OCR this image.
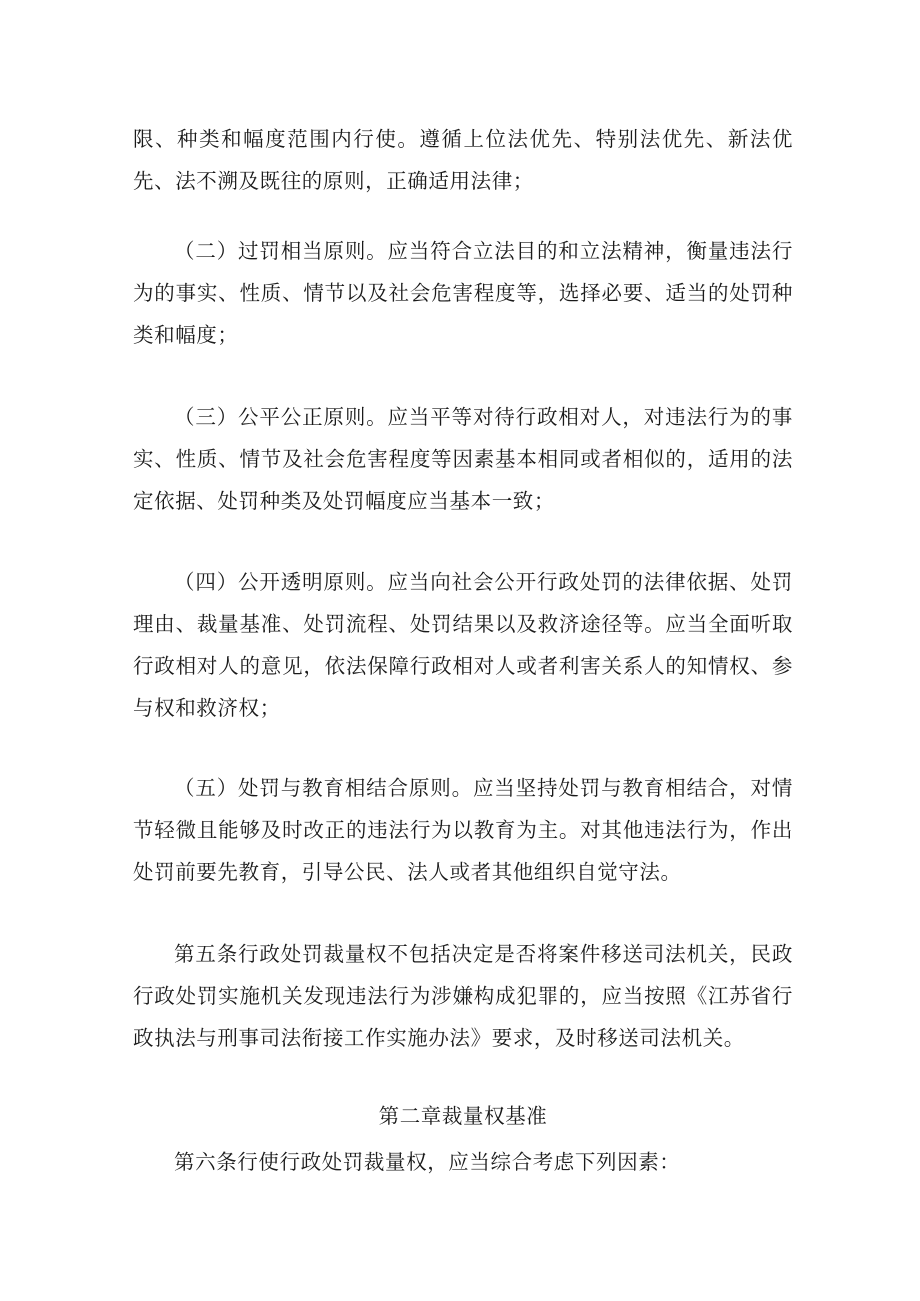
限、种类和幅度范围内行使。遵循上位法优先、特别法优先、新法优先、法不溯及既往的原则，正确适用法律；

（二）过罚相当原则。应当符合立法目的和立法精神，衡量违法行为的事实、性质、情节以及社会危害程度等，选择必要、适当的处罚种类和幅度；

（三）公平公正原则。应当平等对待行政相对人，对违法行为的事实、性质、情节及社会危害程度等因素基本相同或者相似的，适用的法定依据、处罚种类及处罚幅度应当基本一致；

（四）公开透明原则。应当向社会公开行政处罚的法律依据、处罚理由、裁量基准、处罚流程、处罚结果以及救济途径等。应当全面听取行政相对人的意见，依法保障行政相对人或者利害关系人的知情权、参与权和救济权；

（五）处罚与教育相结合原则。应当坚持处罚与教育相结合，对情节轻微且能够及时改正的违法行为以教育为主。对其他违法行为，作出处罚前要先教育，引导公民、法人或者其他组织自觉守法。

第五条行政处罚裁量权不包括决定是否将案件移送司法机关，民政行政处罚实施机关发现违法行为涉嫌构成犯罪的，应当按照《江苏省行政执法与刑事司法衔接工作实施办法》要求，及时移送司法机关。

第二章裁量权基准

第六条行使行政处罚裁量权，应当综合考虑下列因素：
